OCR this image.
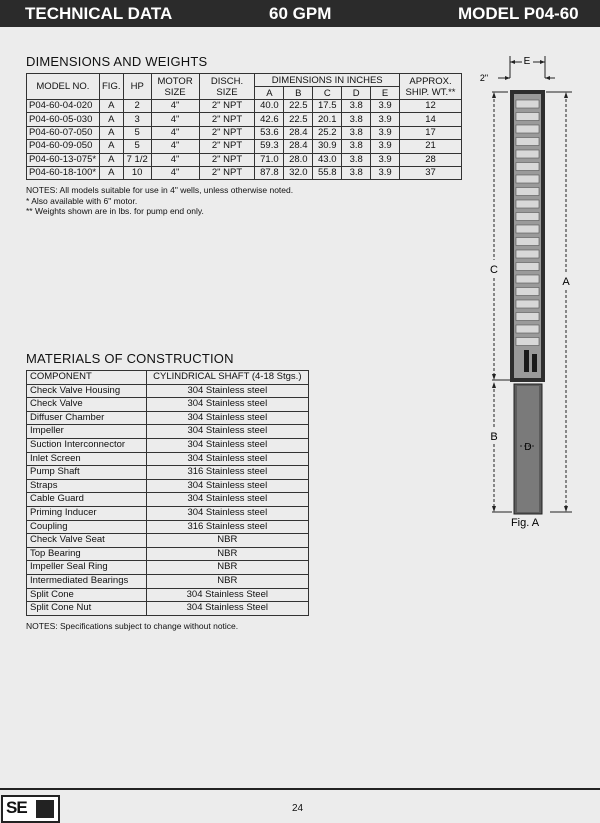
TECHNICAL DATA	60 GPM	MODEL P04-60
DIMENSIONS AND WEIGHTS
MODEL NO.	FIG.	HP	MOTOR SIZE	DISCH. SIZE	DIMENSIONS IN INCHES					APPROX. SHIP. WT.**
					A	B	C	D	E	
P04-60-04-020	A	2	4"	2" NPT	40.0	22.5	17.5	3.8	3.9	12
P04-60-05-030	A	3	4"	2" NPT	42.6	22.5	20.1	3.8	3.9	14
P04-60-07-050	A	5	4"	2" NPT	53.6	28.4	25.2	3.8	3.9	17
P04-60-09-050	A	5	4"	2" NPT	59.3	28.4	30.9	3.8	3.9	21
P04-60-13-075*	A	7 1/2	4"	2" NPT	71.0	28.0	43.0	3.8	3.9	28
P04-60-18-100*	A	10	4"	2" NPT	87.8	32.0	55.8	3.8	3.9	37
NOTES: All models suitable for use in 4" wells, unless otherwise noted.
* Also available with 6" motor.
** Weights shown are in lbs. for pump end only.
MATERIALS OF CONSTRUCTION
COMPONENT	CYLINDRICAL SHAFT (4-18 Stgs.)
Check Valve Housing	304 Stainless steel
Check Valve	304 Stainless steel
Diffuser Chamber	304 Stainless steel
Impeller	304 Stainless steel
Suction Interconnector	304 Stainless steel
Inlet Screen	304 Stainless steel
Pump Shaft	316 Stainless steel
Straps	304 Stainless steel
Cable Guard	304 Stainless steel
Priming Inducer	304 Stainless steel
Coupling	316 Stainless steel
Check Valve Seat	NBR
Top Bearing	NBR
Impeller Seal Ring	NBR
Intermediated Bearings	NBR
Split Cone	304 Stainless Steel
Split Cone Nut	304 Stainless Steel
NOTES: Specifications subject to change without notice.
E
2"
C
A
B
D
Fig. A
SE	24
